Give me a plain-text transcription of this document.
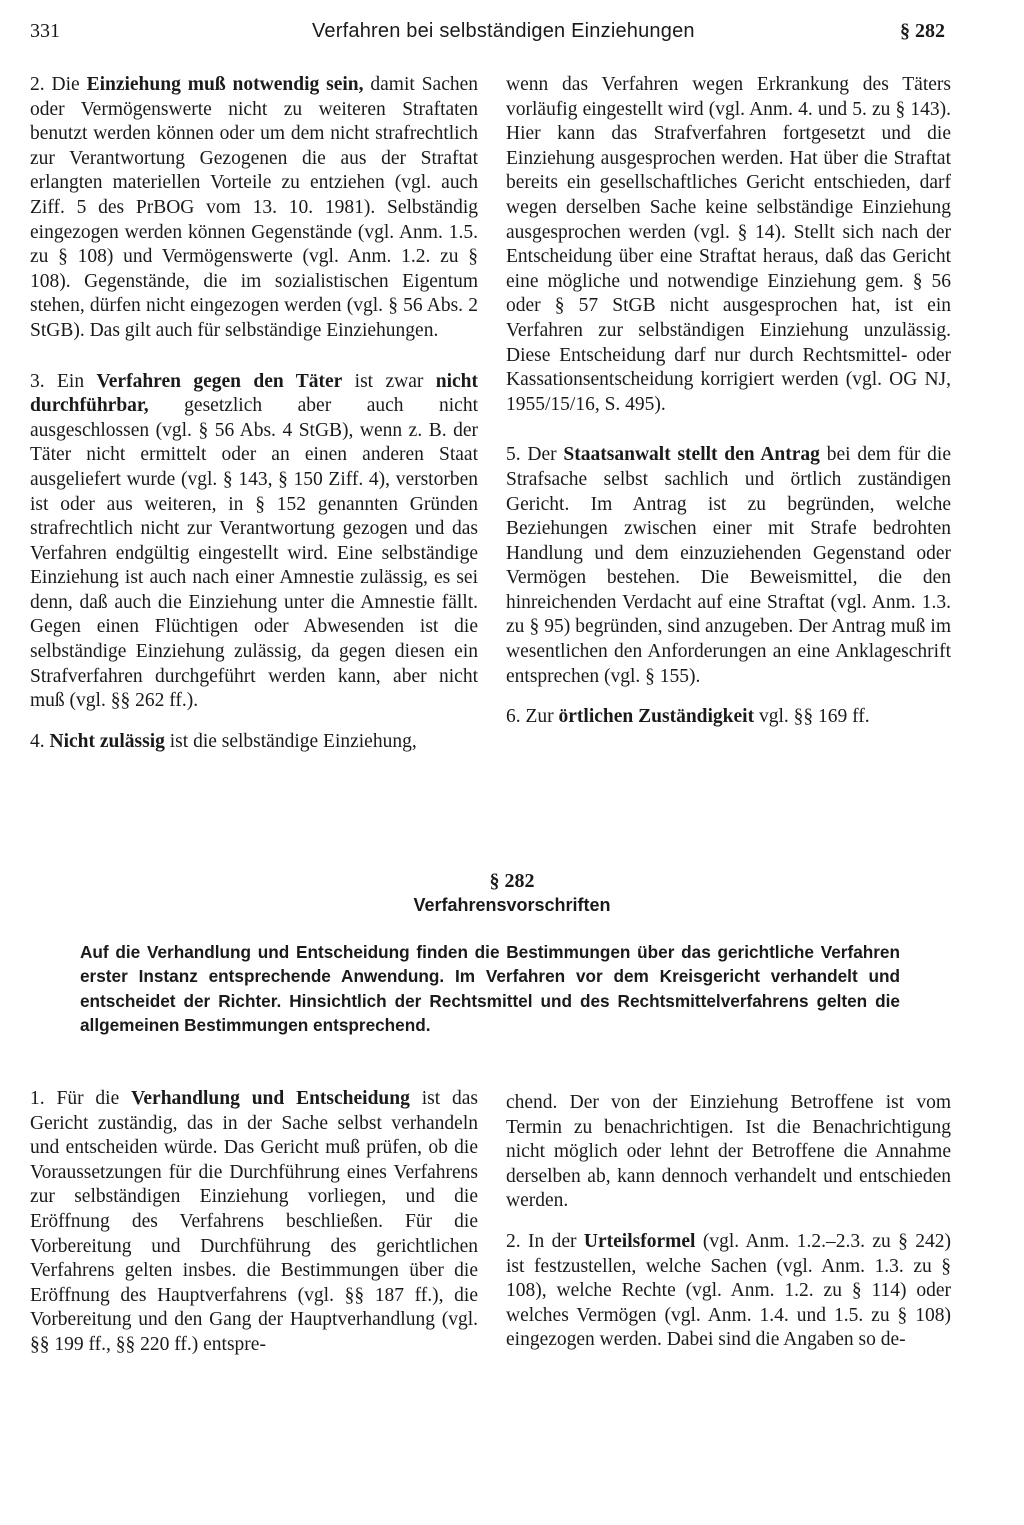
331	Verfahren bei selbständigen Einziehungen	§ 282

2. Die Einziehung muß notwendig sein, damit Sachen oder Vermögenswerte nicht zu weiteren Straftaten benutzt werden können oder um dem nicht strafrechtlich zur Verantwortung Gezogenen die aus der Straftat erlangten materiellen Vorteile zu entziehen (vgl. auch Ziff. 5 des PrBOG vom 13. 10. 1981). Selbständig eingezogen werden können Gegenstände (vgl. Anm. 1.5. zu § 108) und Vermögenswerte (vgl. Anm. 1.2. zu § 108). Gegenstände, die im sozialistischen Eigentum stehen, dürfen nicht eingezogen werden (vgl. § 56 Abs. 2 StGB). Das gilt auch für selbständige Einziehungen.

3. Ein Verfahren gegen den Täter ist zwar nicht durchführbar, gesetzlich aber auch nicht ausgeschlossen (vgl. § 56 Abs. 4 StGB), wenn z. B. der Täter nicht ermittelt oder an einen anderen Staat ausgeliefert wurde (vgl. § 143, § 150 Ziff. 4), verstorben ist oder aus weiteren, in § 152 genannten Gründen strafrechtlich nicht zur Verantwortung gezogen und das Verfahren endgültig eingestellt wird. Eine selbständige Einziehung ist auch nach einer Amnestie zulässig, es sei denn, daß auch die Einziehung unter die Amnestie fällt. Gegen einen Flüchtigen oder Abwesenden ist die selbständige Einziehung zulässig, da gegen diesen ein Strafverfahren durchgeführt werden kann, aber nicht muß (vgl. §§ 262 ff.).

4. Nicht zulässig ist die selbständige Einziehung,

wenn das Verfahren wegen Erkrankung des Täters vorläufig eingestellt wird (vgl. Anm. 4. und 5. zu § 143). Hier kann das Strafverfahren fortgesetzt und die Einziehung ausgesprochen werden. Hat über die Straftat bereits ein gesellschaftliches Gericht entschieden, darf wegen derselben Sache keine selbständige Einziehung ausgesprochen werden (vgl. § 14). Stellt sich nach der Entscheidung über eine Straftat heraus, daß das Gericht eine mögliche und notwendige Einziehung gem. § 56 oder § 57 StGB nicht ausgesprochen hat, ist ein Verfahren zur selbständigen Einziehung unzulässig. Diese Entscheidung darf nur durch Rechtsmittel- oder Kassationsentscheidung korrigiert werden (vgl. OG NJ, 1955/15/16, S. 495).

5. Der Staatsanwalt stellt den Antrag bei dem für die Strafsache selbst sachlich und örtlich zuständigen Gericht. Im Antrag ist zu begründen, welche Beziehungen zwischen einer mit Strafe bedrohten Handlung und dem einzuziehenden Gegenstand oder Vermögen bestehen. Die Beweismittel, die den hinreichenden Verdacht auf eine Straftat (vgl. Anm. 1.3. zu § 95) begründen, sind anzugeben. Der Antrag muß im wesentlichen den Anforderungen an eine Anklageschrift entsprechen (vgl. § 155).

6. Zur örtlichen Zuständigkeit vgl. §§ 169 ff.

§ 282
Verfahrensvorschriften
Auf die Verhandlung und Entscheidung finden die Bestimmungen über das gerichtliche Verfahren erster Instanz entsprechende Anwendung. Im Verfahren vor dem Kreisgericht verhandelt und entscheidet der Richter. Hinsichtlich der Rechtsmittel und des Rechtsmittelverfahrens gelten die allgemeinen Bestimmungen entsprechend.

1. Für die Verhandlung und Entscheidung ist das Gericht zuständig, das in der Sache selbst verhandeln und entscheiden würde. Das Gericht muß prüfen, ob die Voraussetzungen für die Durchführung eines Verfahrens zur selbständigen Einziehung vorliegen, und die Eröffnung des Verfahrens beschließen. Für die Vorbereitung und Durchführung des gerichtlichen Verfahrens gelten insbes. die Bestimmungen über die Eröffnung des Hauptverfahrens (vgl. §§ 187 ff.), die Vorbereitung und den Gang der Hauptverhandlung (vgl. §§ 199 ff., §§ 220 ff.) entspre-

chend. Der von der Einziehung Betroffene ist vom Termin zu benachrichtigen. Ist die Benachrichtigung nicht möglich oder lehnt der Betroffene die Annahme derselben ab, kann dennoch verhandelt und entschieden werden.

2. In der Urteilsformel (vgl. Anm. 1.2.–2.3. zu § 242) ist festzustellen, welche Sachen (vgl. Anm. 1.3. zu § 108), welche Rechte (vgl. Anm. 1.2. zu § 114) oder welches Vermögen (vgl. Anm. 1.4. und 1.5. zu § 108) eingezogen werden. Dabei sind die Angaben so de-
